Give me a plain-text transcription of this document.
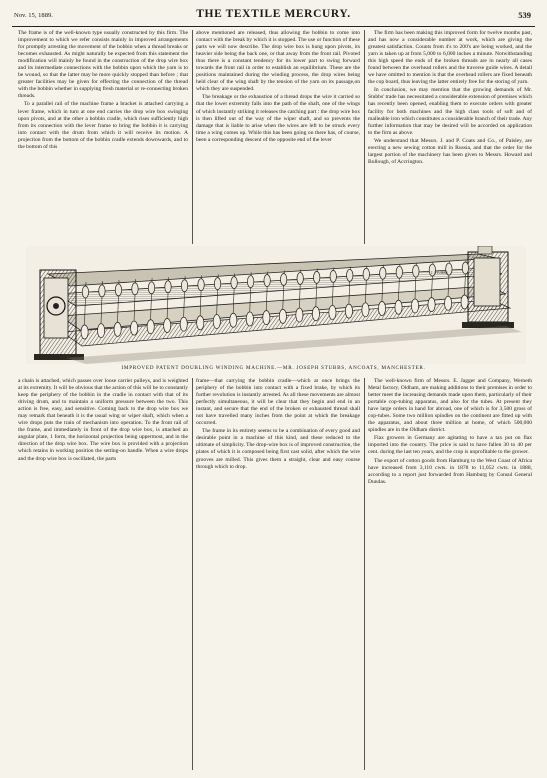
Nov. 15, 1889.	THE TEXTILE MERCURY.	539

The frame is of the well-known type usually constructed by this firm. The improvement to which we refer consists mainly in improved arrangements for promptly arresting the movement of the bobbin when a thread breaks or becomes exhausted. As might naturally be expected from this statement the modification will mainly be found in the construction of the drop wire box and its intermediate connections with the bobbin upon which the yarn is to be wound, so that the latter may be more quickly stopped than before ; that greater facilities may be given for effecting the connection of the thread with the bobbin whether in supplying fresh material or re-connecting broken threads.

To a parallel rail of the machine frame a bracket is attached carrying a lever frame, which in turn at one end carries the drop wire box swinging upon pivots, and at the other a bobbin cradle, which rises sufficiently high from its connection with the lever frame to bring the bobbin it is carrying into contact with the drum from which it will receive its motion. A projection from the bottom of the bobbin cradle extends downwards, and to the bottom of this

above mentioned are released, thus allowing the bobbin to come into contact with the break by which it is stopped. The use or function of these parts we will now describe. The drop wire box is hung upon pivots, its heavier side being the back one, or that away from the front rail. Pivoted thus there is a constant tendency for its lower part to swing forward towards the front rail in order to establish an equilibrium. These are the positions maintained during the winding process, the drop wires being held clear of the wing shaft by the tension of the yarn on its passage,on which they are suspended.

The breakage or the exhaustion of a thread drops the wire it carried so that the lower extremity falls into the path of the shaft, one of the wings of which instantly striking it releases the catching part : the drop wire box is then lifted out of the way of the wiper shaft, and so prevents the damage that is liable to arise when the wires are left to be struck every time a wing comes up. While this has been going on there has, of course, been a corresponding descent of the opposite end of the lever

The firm has been making this improved form for twelve months past, and has now a considerable number at work, which are giving the greatest satisfaction. Counts from 4's to 200's are being worked, and the yarn is taken up at from 5,000 to 6,000 inches a minute. Notwithstanding this high speed the ends of the broken threads are in nearly all cases found between the overhead rollers and the traverse guide wires. A detail we have omitted to mention is that the overhead rollers are fixed beneath the cop board, thus leaving the latter entirely free for the storing of yarn.

In conclusion, we may mention that the growing demands of Mr. Stubbs' trade has necessitated a considerable extension of premises which has recently been opened, enabling them to execute orders with greater facility for both machines and the high class tools of soft and of malleable iron which constitutes a considerable branch of their trade. Any further information that may be desired will be accorded on application to the firm as above.

We understand that Messrs. J. and P. Coats and Co., of Paisley, are erecting a new sewing cotton mill in Russia, and that the order for the largest portion of the machinery has been given to Messrs. Howard and Bullough, of Accrington.

J. STUBBS
IMPROVED PATENT DOUBLING WINDING MACHINE.—MR. JOSEPH STUBBS, ANCOATS, MANCHESTER.

a chain is attached, which passes over loose carrier pulleys, and is weighted at its extremity. It will be obvious that the action of this will be to constantly keep the periphery of the bobbin in the cradle in contact with that of its driving drum, and to maintain a uniform pressure between the two. This action is free, easy, and sensitive. Coming back to the drop wire box we may remark that beneath it is the usual wing or wiper shaft, which when a wire drops puts the train of mechanism into operation. To the front rail of the frame, and immediately in front of the drop wire box, is attached an angular plate, 1 form, the horizontal projection being uppermost, and in the direction of the drop wire box. The wire box is provided with a projection which retains in working position the setting-on handle. When a wire drops and the drop wire box is oscillated, the parts

frame—that carrying the bobbin cradle—which at once brings the periphery of the bobbin into contact with a fixed brake, by which its further revolution is instantly arrested. As all these movements are almost perfectly simultaneous, it will be clear that they begin and end in an instant, and secure that the end of the broken or exhausted thread shall not have travelled many inches from the point at which the breakage occurred.

The frame in its entirety seems to be a combination of every good and desirable point in a machine of this kind, and these reduced to the ultimate of simplicity. The drop-wire box is of improved construction, the plates of which it is composed being first cast solid, after which the wire grooves are milled. This gives them a straight, clear and easy course through which to drop.

The well-known firm of Messrs. E. Jagger and Company, Werneth Metal factory, Oldham, are making additions to their premises in order to better meet the increasing demands made upon them, particularly of their portable cop-tubing apparatus, and also for the tubes. At present they have large orders in hand for abroad, one of which is for 3,500 gross of cop-tubes. Some two million spindles on the continent are fitted up with the apparatus, and about three million at home, of which 500,000 spindles are in the Oldham district.

Flax growers in Germany are agitating to have a tax put on flax imported into the country. The price is said to have fallen 30 to 40 per cent. during the last ten years, and the crop is unprofitable to the grower.

The export of cotton goods from Hamburg to the West Coast of Africa have increased from 3,110 cwts. in 1878 to 11,052 cwts. in 1888, according to a report just forwarded from Hamburg by Consul General Dundas.
